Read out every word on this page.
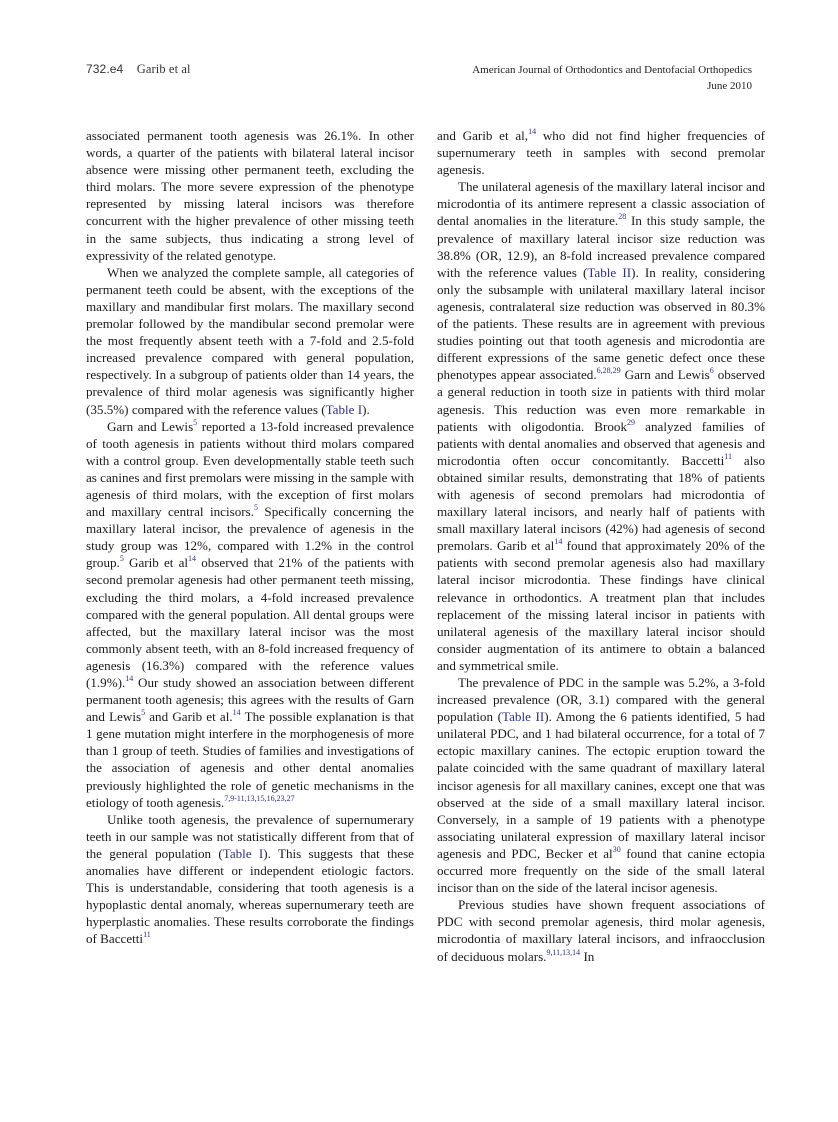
732.e4 Garib et al	American Journal of Orthodontics and Dentofacial Orthopedics
June 2010

associated permanent tooth agenesis was 26.1%. In other words, a quarter of the patients with bilateral lateral incisor absence were missing other permanent teeth, excluding the third molars. The more severe expression of the phenotype represented by missing lateral incisors was therefore concurrent with the higher prevalence of other missing teeth in the same subjects, thus indicating a strong level of expressivity of the related genotype.

When we analyzed the complete sample, all categories of permanent teeth could be absent, with the exceptions of the maxillary and mandibular first molars. The maxillary second premolar followed by the mandibular second premolar were the most frequently absent teeth with a 7-fold and 2.5-fold increased prevalence compared with general population, respectively. In a subgroup of patients older than 14 years, the prevalence of third molar agenesis was significantly higher (35.5%) compared with the reference values (Table I).

Garn and Lewis$^5$ reported a 13-fold increased prevalence of tooth agenesis in patients without third molars compared with a control group. Even developmentally stable teeth such as canines and first premolars were missing in the sample with agenesis of third molars, with the exception of first molars and maxillary central incisors.$^5$ Specifically concerning the maxillary lateral incisor, the prevalence of agenesis in the study group was 12%, compared with 1.2% in the control group.$^5$ Garib et al$^{14}$ observed that 21% of the patients with second premolar agenesis had other permanent teeth missing, excluding the third molars, a 4-fold increased prevalence compared with the general population. All dental groups were affected, but the maxillary lateral incisor was the most commonly absent teeth, with an 8-fold increased frequency of agenesis (16.3%) compared with the reference values (1.9%).$^{14}$ Our study showed an association between different permanent tooth agenesis; this agrees with the results of Garn and Lewis$^5$ and Garib et al.$^{14}$ The possible explanation is that 1 gene mutation might interfere in the morphogenesis of more than 1 group of teeth. Studies of families and investigations of the association of agenesis and other dental anomalies previously highlighted the role of genetic mechanisms in the etiology of tooth agenesis.$^{7,9-11,13,15,16,23,27}$

Unlike tooth agenesis, the prevalence of supernumerary teeth in our sample was not statistically different from that of the general population (Table I). This suggests that these anomalies have different or independent etiologic factors. This is understandable, considering that tooth agenesis is a hypoplastic dental anomaly, whereas supernumerary teeth are hyperplastic anomalies. These results corroborate the findings of Baccetti$^{11}$

and Garib et al,$^{14}$ who did not find higher frequencies of supernumerary teeth in samples with second premolar agenesis.

The unilateral agenesis of the maxillary lateral incisor and microdontia of its antimere represent a classic association of dental anomalies in the literature.$^{28}$ In this study sample, the prevalence of maxillary lateral incisor size reduction was 38.8% (OR, 12.9), an 8-fold increased prevalence compared with the reference values (Table II). In reality, considering only the subsample with unilateral maxillary lateral incisor agenesis, contralateral size reduction was observed in 80.3% of the patients. These results are in agreement with previous studies pointing out that tooth agenesis and microdontia are different expressions of the same genetic defect once these phenotypes appear associated.$^{6,28,29}$ Garn and Lewis$^6$ observed a general reduction in tooth size in patients with third molar agenesis. This reduction was even more remarkable in patients with oligodontia. Brook$^{29}$ analyzed families of patients with dental anomalies and observed that agenesis and microdontia often occur concomitantly. Baccetti$^{11}$ also obtained similar results, demonstrating that 18% of patients with agenesis of second premolars had microdontia of maxillary lateral incisors, and nearly half of patients with small maxillary lateral incisors (42%) had agenesis of second premolars. Garib et al$^{14}$ found that approximately 20% of the patients with second premolar agenesis also had maxillary lateral incisor microdontia. These findings have clinical relevance in orthodontics. A treatment plan that includes replacement of the missing lateral incisor in patients with unilateral agenesis of the maxillary lateral incisor should consider augmentation of its antimere to obtain a balanced and symmetrical smile.

The prevalence of PDC in the sample was 5.2%, a 3-fold increased prevalence (OR, 3.1) compared with the general population (Table II). Among the 6 patients identified, 5 had unilateral PDC, and 1 had bilateral occurrence, for a total of 7 ectopic maxillary canines. The ectopic eruption toward the palate coincided with the same quadrant of maxillary lateral incisor agenesis for all maxillary canines, except one that was observed at the side of a small maxillary lateral incisor. Conversely, in a sample of 19 patients with a phenotype associating unilateral expression of maxillary lateral incisor agenesis and PDC, Becker et al$^{30}$ found that canine ectopia occurred more frequently on the side of the small lateral incisor than on the side of the lateral incisor agenesis.

Previous studies have shown frequent associations of PDC with second premolar agenesis, third molar agenesis, microdontia of maxillary lateral incisors, and infraocclusion of deciduous molars.$^{9,11,13,14}$ In
